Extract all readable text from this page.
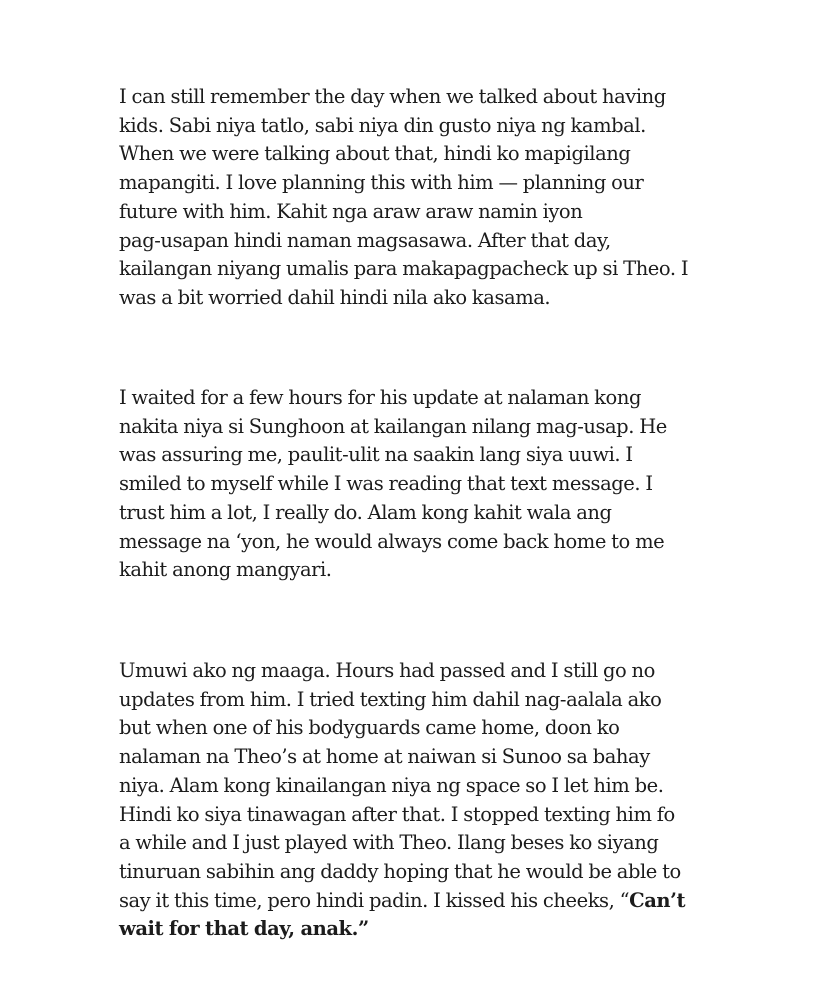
I can still remember the day when we talked about having
kids. Sabi niya tatlo, sabi niya din gusto niya ng kambal.
When we were talking about that, hindi ko mapigilang
mapangiti. I love planning this with him — planning our
future with him. Kahit nga araw araw namin iyon
pag-usapan hindi naman magsasawa. After that day,
kailangan niyang umalis para makapagpacheck up si Theo. I
was a bit worried dahil hindi nila ako kasama.

I waited for a few hours for his update at nalaman kong
nakita niya si Sunghoon at kailangan nilang mag-usap. He
was assuring me, paulit-ulit na saakin lang siya uuwi. I
smiled to myself while I was reading that text message. I
trust him a lot, I really do. Alam kong kahit wala ang
message na ‘yon, he would always come back home to me
kahit anong mangyari.

Umuwi ako ng maaga. Hours had passed and I still go no
updates from him. I tried texting him dahil nag-aalala ako
but when one of his bodyguards came home, doon ko
nalaman na Theo’s at home at naiwan si Sunoo sa bahay
niya. Alam kong kinailangan niya ng space so I let him be.
Hindi ko siya tinawagan after that. I stopped texting him fo
a while and I just played with Theo. Ilang beses ko siyang
tinuruan sabihin ang daddy hoping that he would be able to
say it this time, pero hindi padin. I kissed his cheeks, “Can’t
wait for that day, anak.”
